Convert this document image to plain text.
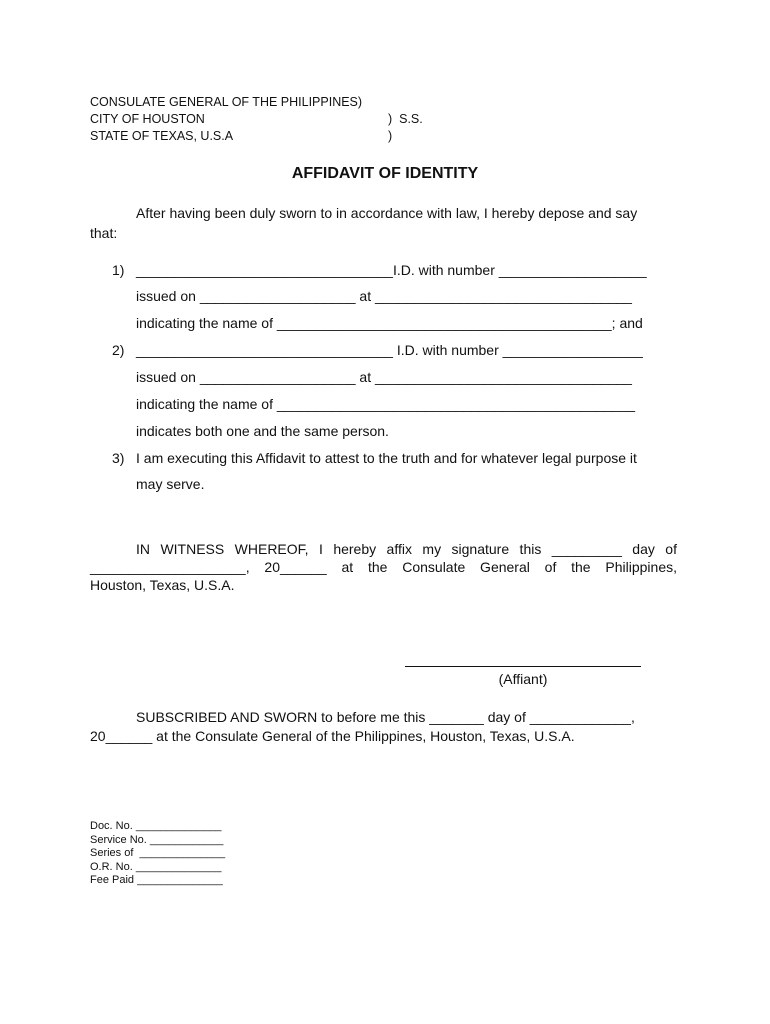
CONSULATE GENERAL OF THE PHILIPPINES)
CITY OF HOUSTON	)  S.S.
STATE OF TEXAS, U.S.A	)
AFFIDAVIT OF IDENTITY
After having been duly sworn to in accordance with law, I hereby depose and say
that:
1) _________________________________I.D. with number ___________________
issued on ____________________ at _________________________________
indicating the name of ___________________________________________; and
2) _________________________________ I.D. with number __________________
issued on ____________________ at _________________________________
indicating the name of ______________________________________________
indicates both one and the same person.
3) I am executing this Affidavit to attest to the truth and for whatever legal purpose it
may serve.
IN WITNESS WHEREOF, I hereby affix my signature this _________ day of
____________________, 20______ at the Consulate General of the Philippines,
Houston, Texas, U.S.A.
(Affiant)
SUBSCRIBED AND SWORN to before me this _______ day of _____________,
20______ at the Consulate General of the Philippines, Houston, Texas, U.S.A.
Doc. No. ______________
Service No. ____________
Series of  ______________
O.R. No. ______________
Fee Paid ______________
